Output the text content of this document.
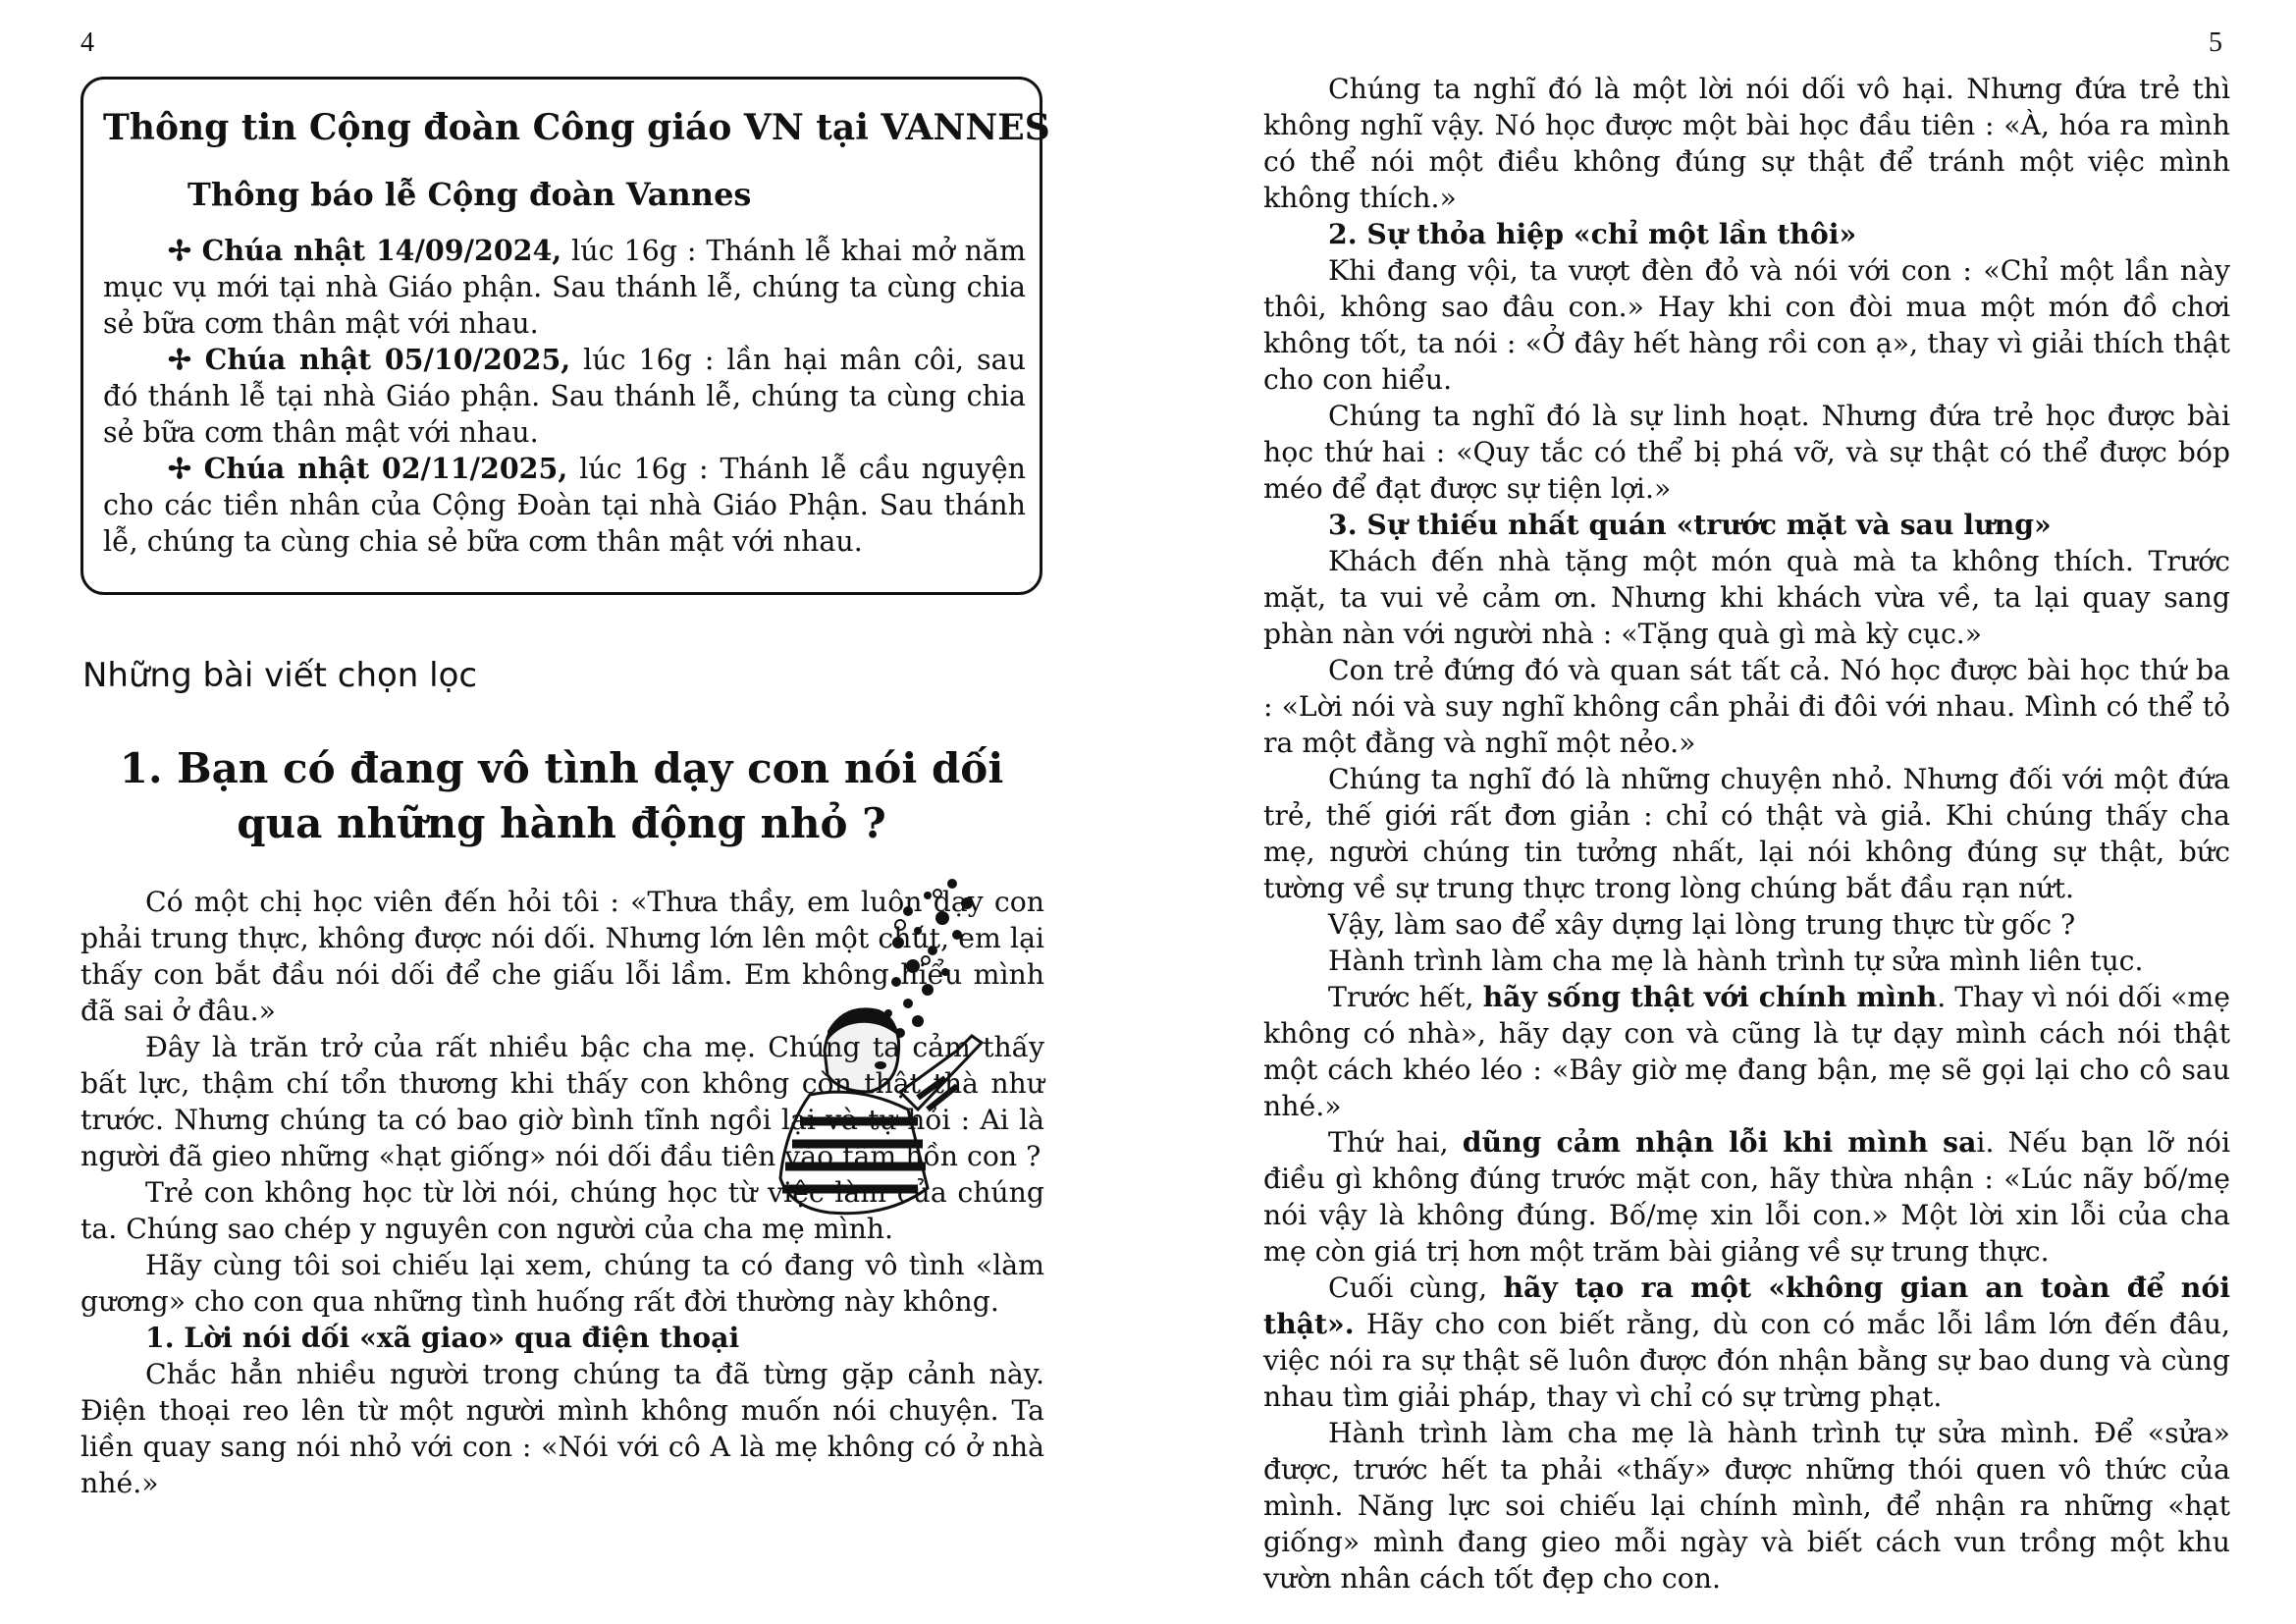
4	5
Thông tin Cộng đoàn Công giáo VN tại VANNES
Thông báo lễ Cộng đoàn Vannes

✢ Chúa nhật 14/09/2024, lúc 16g : Thánh lễ khai mở năm mục vụ mới tại nhà Giáo phận. Sau thánh lễ, chúng ta cùng chia sẻ bữa cơm thân mật với nhau.

✢ Chúa nhật 05/10/2025, lúc 16g : lần hại mân côi, sau đó thánh lễ tại nhà Giáo phận. Sau thánh lễ, chúng ta cùng chia sẻ bữa cơm thân mật với nhau.

✢ Chúa nhật 02/11/2025, lúc 16g : Thánh lễ cầu nguyện cho các tiền nhân của Cộng Đoàn tại nhà Giáo Phận. Sau thánh lễ, chúng ta cùng chia sẻ bữa cơm thân mật với nhau.

Những bài viết chọn lọc
1. Bạn có đang vô tình dạy con nói dối
qua những hành động nhỏ ?

Có một chị học viên đến hỏi tôi : «Thưa thầy, em luôn dạy con phải trung thực, không được nói dối. Nhưng lớn lên một chút, em lại thấy con bắt đầu nói dối để che giấu lỗi lầm. Em không hiểu mình đã sai ở đâu.»

Đây là trăn trở của rất nhiều bậc cha mẹ. Chúng ta cảm thấy bất lực, thậm chí tổn thương khi thấy con không còn thật thà như trước. Nhưng chúng ta có bao giờ bình tĩnh ngồi lại và tự hỏi : Ai là người đã gieo những «hạt giống» nói dối đầu tiên vào tâm hồn con ?

Trẻ con không học từ lời nói, chúng học từ việc làm của chúng ta. Chúng sao chép y nguyên con người của cha mẹ mình.

Hãy cùng tôi soi chiếu lại xem, chúng ta có đang vô tình «làm gương» cho con qua những tình huống rất đời thường này không.

1. Lời nói dối «xã giao» qua điện thoại

Chắc hẳn nhiều người trong chúng ta đã từng gặp cảnh này. Điện thoại reo lên từ một người mình không muốn nói chuyện. Ta liền quay sang nói nhỏ với con : «Nói với cô A là mẹ không có ở nhà nhé.»

Chúng ta nghĩ đó là một lời nói dối vô hại. Nhưng đứa trẻ thì không nghĩ vậy. Nó học được một bài học đầu tiên : «À, hóa ra mình có thể nói một điều không đúng sự thật để tránh một việc mình không thích.»

2. Sự thỏa hiệp «chỉ một lần thôi»

Khi đang vội, ta vượt đèn đỏ và nói với con : «Chỉ một lần này thôi, không sao đâu con.» Hay khi con đòi mua một món đồ chơi không tốt, ta nói : «Ở đây hết hàng rồi con ạ», thay vì giải thích thật cho con hiểu.

Chúng ta nghĩ đó là sự linh hoạt. Nhưng đứa trẻ học được bài học thứ hai : «Quy tắc có thể bị phá vỡ, và sự thật có thể được bóp méo để đạt được sự tiện lợi.»

3. Sự thiếu nhất quán «trước mặt và sau lưng»

Khách đến nhà tặng một món quà mà ta không thích. Trước mặt, ta vui vẻ cảm ơn. Nhưng khi khách vừa về, ta lại quay sang phàn nàn với người nhà : «Tặng quà gì mà kỳ cục.»

Con trẻ đứng đó và quan sát tất cả. Nó học được bài học thứ ba : «Lời nói và suy nghĩ không cần phải đi đôi với nhau. Mình có thể tỏ ra một đằng và nghĩ một nẻo.»

Chúng ta nghĩ đó là những chuyện nhỏ. Nhưng đối với một đứa trẻ, thế giới rất đơn giản : chỉ có thật và giả. Khi chúng thấy cha mẹ, người chúng tin tưởng nhất, lại nói không đúng sự thật, bức tường về sự trung thực trong lòng chúng bắt đầu rạn nứt.

Vậy, làm sao để xây dựng lại lòng trung thực từ gốc ?

Hành trình làm cha mẹ là hành trình tự sửa mình liên tục.

Trước hết, hãy sống thật với chính mình. Thay vì nói dối «mẹ không có nhà», hãy dạy con và cũng là tự dạy mình cách nói thật một cách khéo léo : «Bây giờ mẹ đang bận, mẹ sẽ gọi lại cho cô sau nhé.»

Thứ hai, dũng cảm nhận lỗi khi mình sai. Nếu bạn lỡ nói điều gì không đúng trước mặt con, hãy thừa nhận : «Lúc nãy bố/mẹ nói vậy là không đúng. Bố/mẹ xin lỗi con.» Một lời xin lỗi của cha mẹ còn giá trị hơn một trăm bài giảng về sự trung thực.

Cuối cùng, hãy tạo ra một «không gian an toàn để nói thật». Hãy cho con biết rằng, dù con có mắc lỗi lầm lớn đến đâu, việc nói ra sự thật sẽ luôn được đón nhận bằng sự bao dung và cùng nhau tìm giải pháp, thay vì chỉ có sự trừng phạt.

Hành trình làm cha mẹ là hành trình tự sửa mình. Để «sửa» được, trước hết ta phải «thấy» được những thói quen vô thức của mình. Năng lực soi chiếu lại chính mình, để nhận ra những «hạt giống» mình đang gieo mỗi ngày và biết cách vun trồng một khu vườn nhân cách tốt đẹp cho con.
